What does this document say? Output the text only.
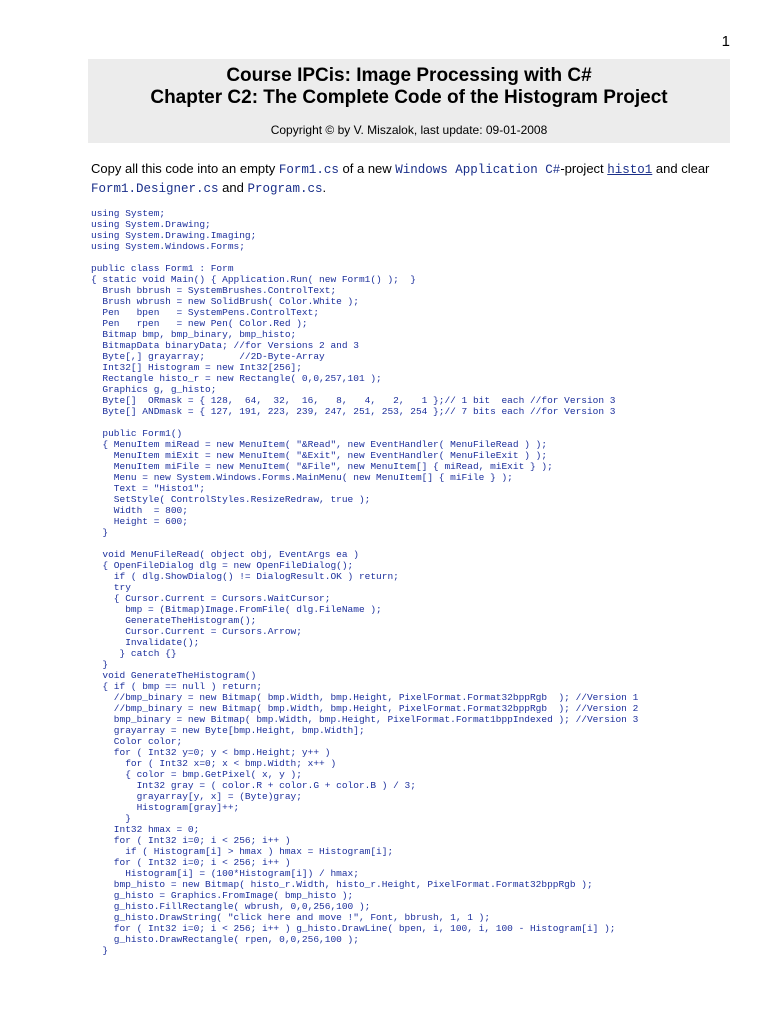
1
Course IPCis: Image Processing with C#
Chapter C2: The Complete Code of the Histogram Project
Copyright © by V. Miszalok, last update: 09-01-2008
Copy all this code into an empty Form1.cs of a new Windows Application C#-project histo1 and clear Form1.Designer.cs and Program.cs.
using System;
using System.Drawing;
using System.Drawing.Imaging;
using System.Windows.Forms;

public class Form1 : Form
{ static void Main() { Application.Run( new Form1() );  }
Brush bbrush = SystemBrushes.ControlText;
Brush wbrush = new SolidBrush( Color.White );
Pen   bpen   = SystemPens.ControlText;
Pen   rpen   = new Pen( Color.Red );
Bitmap bmp, bmp_binary, bmp_histo;
BitmapData binaryData; //for Versions 2 and 3
Byte[,] grayarray;      //2D-Byte-Array
Int32[] Histogram = new Int32[256];
Rectangle histo_r = new Rectangle( 0,0,257,101 );
Graphics g, g_histo;
Byte[]  ORmask = { 128,  64,  32,  16,   8,   4,   2,   1 };// 1 bit  each //for Version 3
Byte[] ANDmask = { 127, 191, 223, 239, 247, 251, 253, 254 };// 7 bits each //for Version 3

public Form1()
{ MenuItem miRead = new MenuItem( "&Read", new EventHandler( MenuFileRead ) );
MenuItem miExit = new MenuItem( "&Exit", new EventHandler( MenuFileExit ) );
MenuItem miFile = new MenuItem( "&File", new MenuItem[] { miRead, miExit } );
Menu = new System.Windows.Forms.MainMenu( new MenuItem[] { miFile } );
Text = "Histo1";
SetStyle( ControlStyles.ResizeRedraw, true );
Width  = 800;
Height = 600;
}

void MenuFileRead( object obj, EventArgs ea )
{ OpenFileDialog dlg = new OpenFileDialog();
if ( dlg.ShowDialog() != DialogResult.OK ) return;
try
{ Cursor.Current = Cursors.WaitCursor;
bmp = (Bitmap)Image.FromFile( dlg.FileName );
GenerateTheHistogram();
Cursor.Current = Cursors.Arrow;
Invalidate();
} catch {}
}
void GenerateTheHistogram()
{ if ( bmp == null ) return;
//bmp_binary = new Bitmap( bmp.Width, bmp.Height, PixelFormat.Format32bppRgb  ); //Version 1
//bmp_binary = new Bitmap( bmp.Width, bmp.Height, PixelFormat.Format32bppRgb  ); //Version 2
bmp_binary = new Bitmap( bmp.Width, bmp.Height, PixelFormat.Format1bppIndexed ); //Version 3
grayarray = new Byte[bmp.Height, bmp.Width];
Color color;
for ( Int32 y=0; y < bmp.Height; y++ )
for ( Int32 x=0; x < bmp.Width; x++ )
{ color = bmp.GetPixel( x, y );
Int32 gray = ( color.R + color.G + color.B ) / 3;
grayarray[y, x] = (Byte)gray;
Histogram[gray]++;
}
Int32 hmax = 0;
for ( Int32 i=0; i < 256; i++ )
if ( Histogram[i] > hmax ) hmax = Histogram[i];
for ( Int32 i=0; i < 256; i++ )
Histogram[i] = (100*Histogram[i]) / hmax;
bmp_histo = new Bitmap( histo_r.Width, histo_r.Height, PixelFormat.Format32bppRgb );
g_histo = Graphics.FromImage( bmp_histo );
g_histo.FillRectangle( wbrush, 0,0,256,100 );
g_histo.DrawString( "click here and move !", Font, bbrush, 1, 1 );
for ( Int32 i=0; i < 256; i++ ) g_histo.DrawLine( bpen, i, 100, i, 100 - Histogram[i] );
g_histo.DrawRectangle( rpen, 0,0,256,100 );
}
